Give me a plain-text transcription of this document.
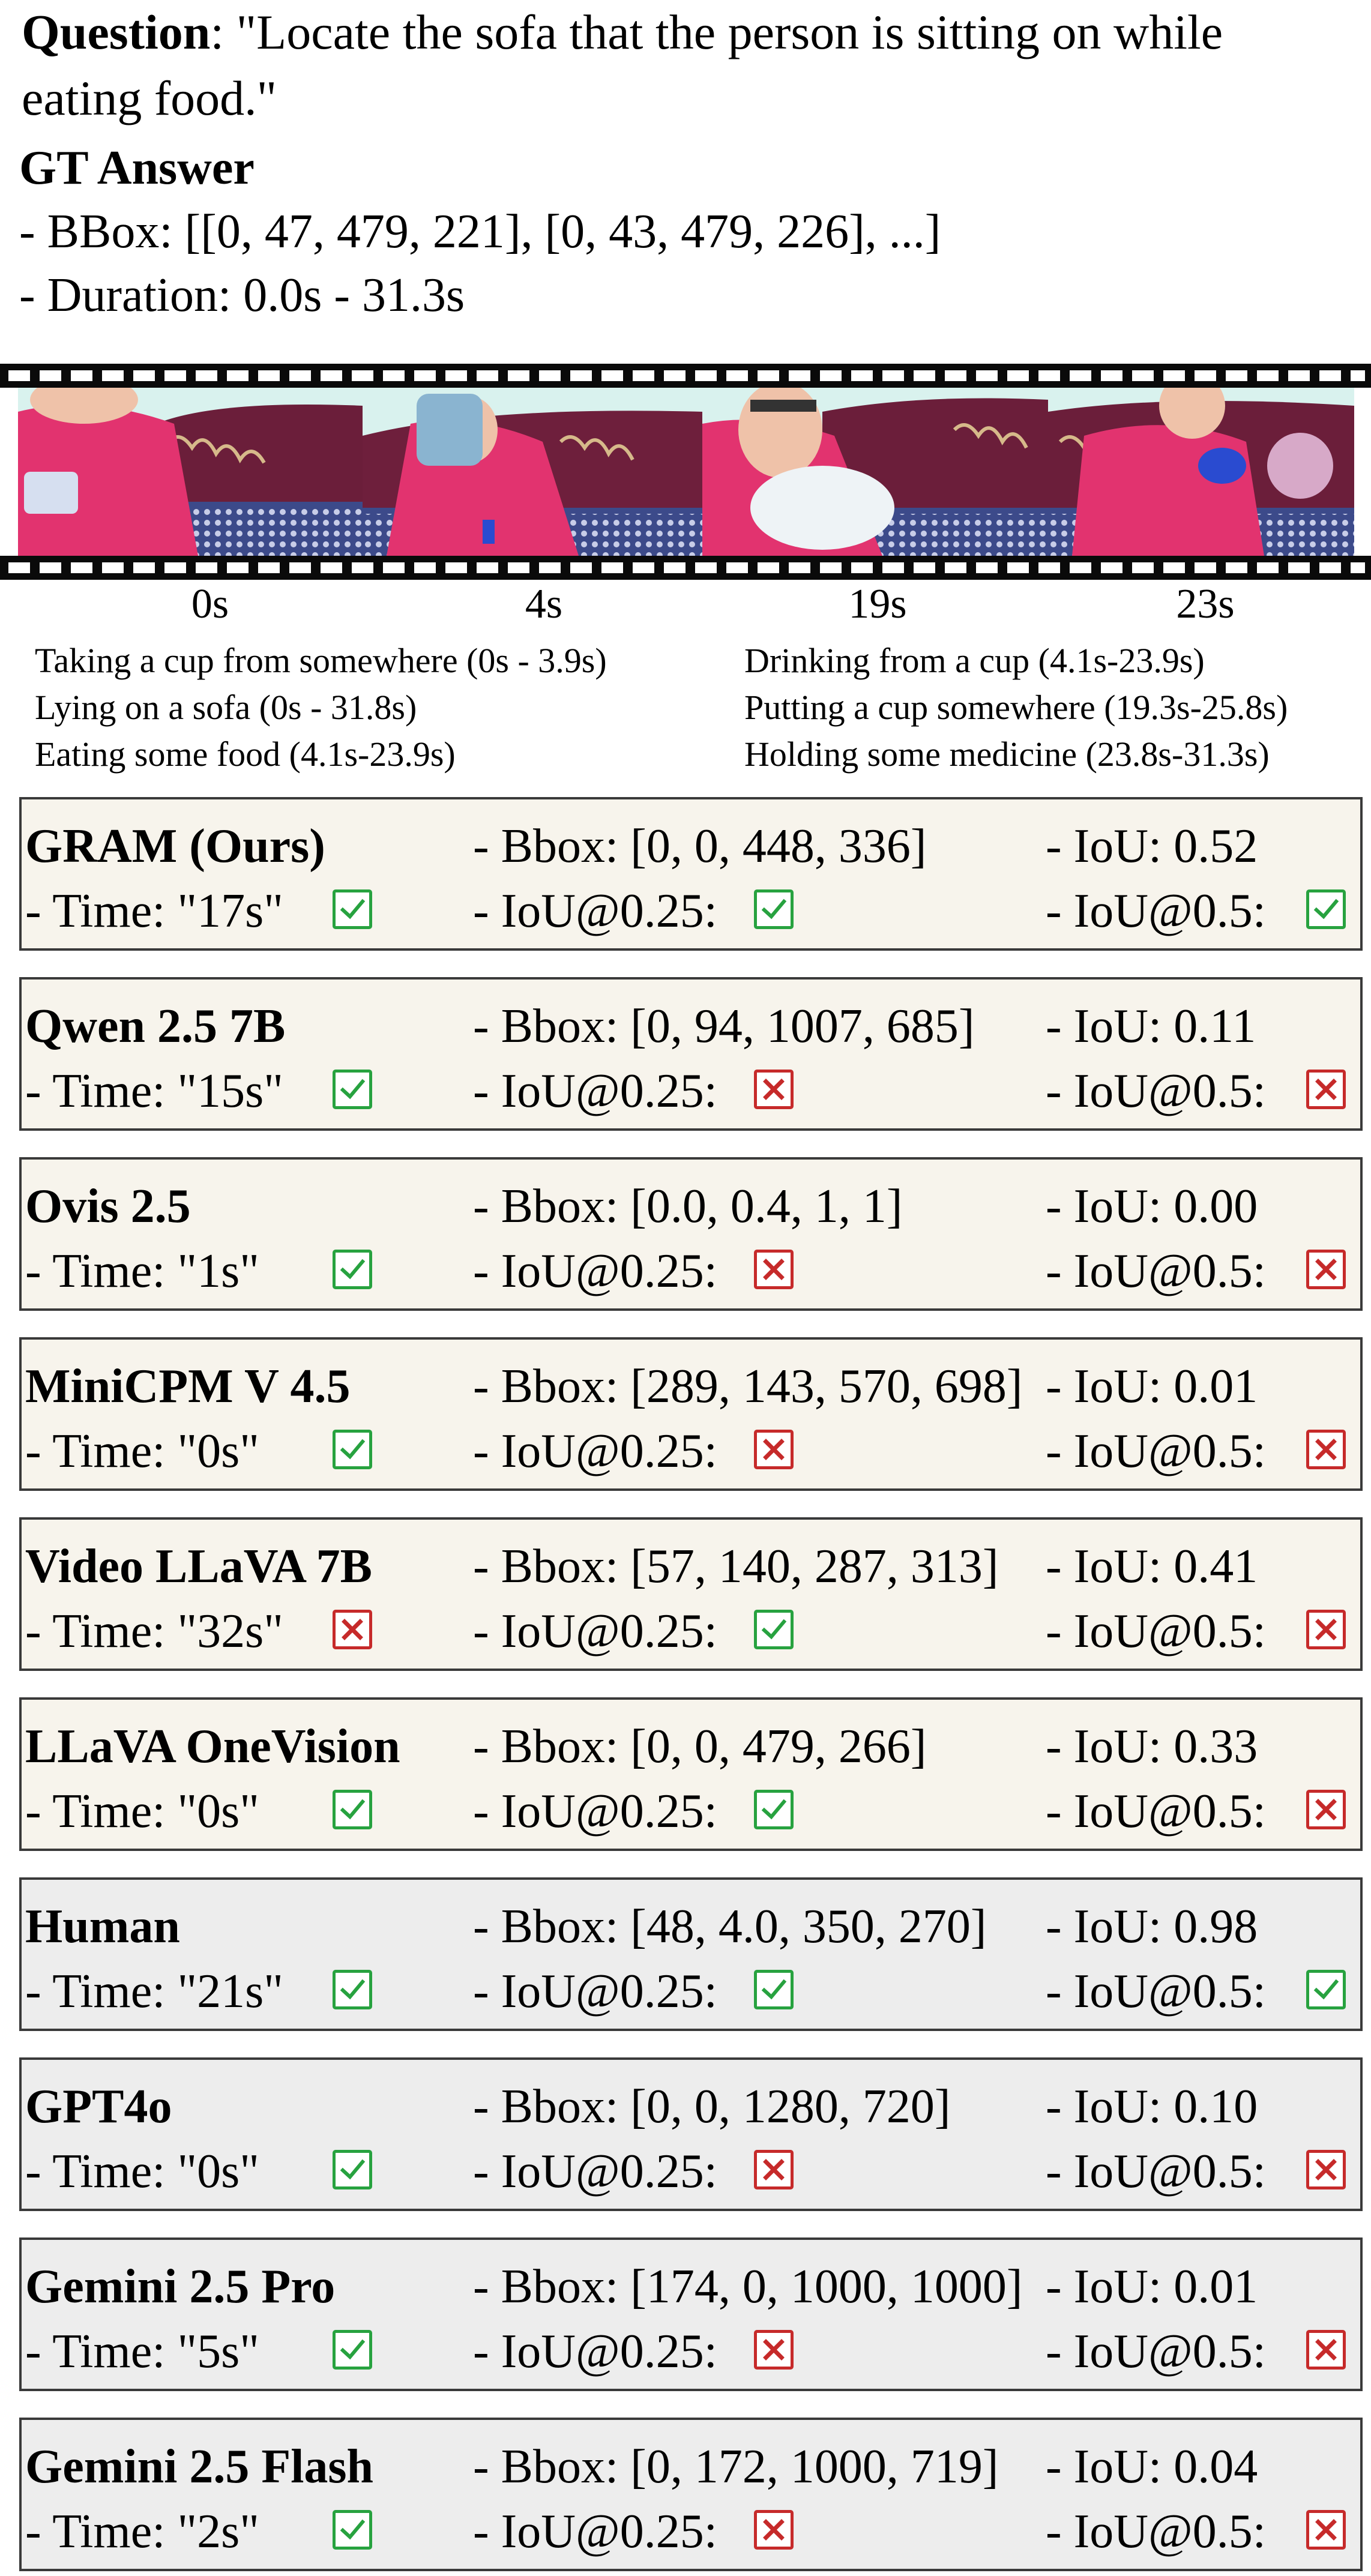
Question: "Locate the sofa that the person is sitting on while
eating food."
GT Answer
- BBox: [[0, 47, 479, 221], [0, 43, 479, 226], ...]
- Duration: 0.0s - 31.3s
0s	4s	19s	23s
Taking a cup from somewhere (0s - 3.9s)
Lying on a sofa (0s - 31.8s)
Eating some food (4.1s-23.9s)
Drinking from a cup (4.1s-23.9s)
Putting a cup somewhere (19.3s-25.8s)
Holding some medicine (23.8s-31.3s)
GRAM (Ours)	- Bbox: [0, 0, 448, 336] - IoU: 0.52
- Time: "17s"	- IoU@0.25:	- IoU@0.5:
Qwen 2.5 7B	- Bbox: [0, 94, 1007, 685] - IoU: 0.11
- Time: "15s"	- IoU@0.25:	- IoU@0.5:
Ovis 2.5	- Bbox: [0.0, 0.4, 1, 1]	- IoU: 0.00
- Time: "1s"	- IoU@0.25:	- IoU@0.5:
MiniCPM V 4.5	- Bbox: [289, 143, 570, 698] - IoU: 0.01
- Time: "0s"	- IoU@0.25:	- IoU@0.5:
Video LLaVA 7B - Bbox: [57, 140, 287, 313] - IoU: 0.41
- Time: "32s"	- IoU@0.25:	- IoU@0.5:
LLaVA OneVision - Bbox: [0, 0, 479, 266] - IoU: 0.33
- Time: "0s"	- IoU@0.25:	- IoU@0.5:
Human	- Bbox: [48, 4.0, 350, 270] - IoU: 0.98
- Time: "21s"	- IoU@0.25:	- IoU@0.5:
GPT4o	- Bbox: [0, 0, 1280, 720] - IoU: 0.10
- Time: "0s"	- IoU@0.25:	- IoU@0.5:
Gemini 2.5 Pro	- Bbox: [174, 0, 1000, 1000] - IoU: 0.01
- Time: "5s"	- IoU@0.25:	- IoU@0.5:
Gemini 2.5 Flash - Bbox: [0, 172, 1000, 719] - IoU: 0.04
- Time: "2s"	- IoU@0.25:	- IoU@0.5:
